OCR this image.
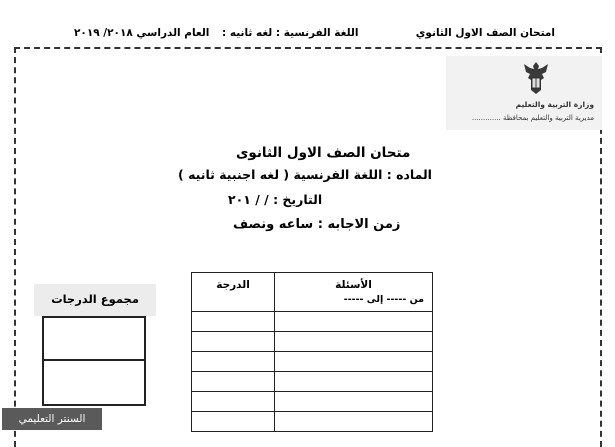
امتحان الصف الاول الثانوي
اللغة الفرنسية : لغه ثانيه :
العام الدراسي ٢٠١٨/ ٢٠١٩
وزارة التربية والتعليم
مديرية التربية والتعليم بمحافظة .............
متحان الصف الاول الثانوى
الماده : اللغة الفرنسية ( لغه اجنبية ثانيه )
التاريخ : / / ٢٠١
زمن الاجابه : ساعه ونصف
مجموع الدرجات
الدرجة	الأسئلة
من ----- إلى -----

السنتر التعليمي
